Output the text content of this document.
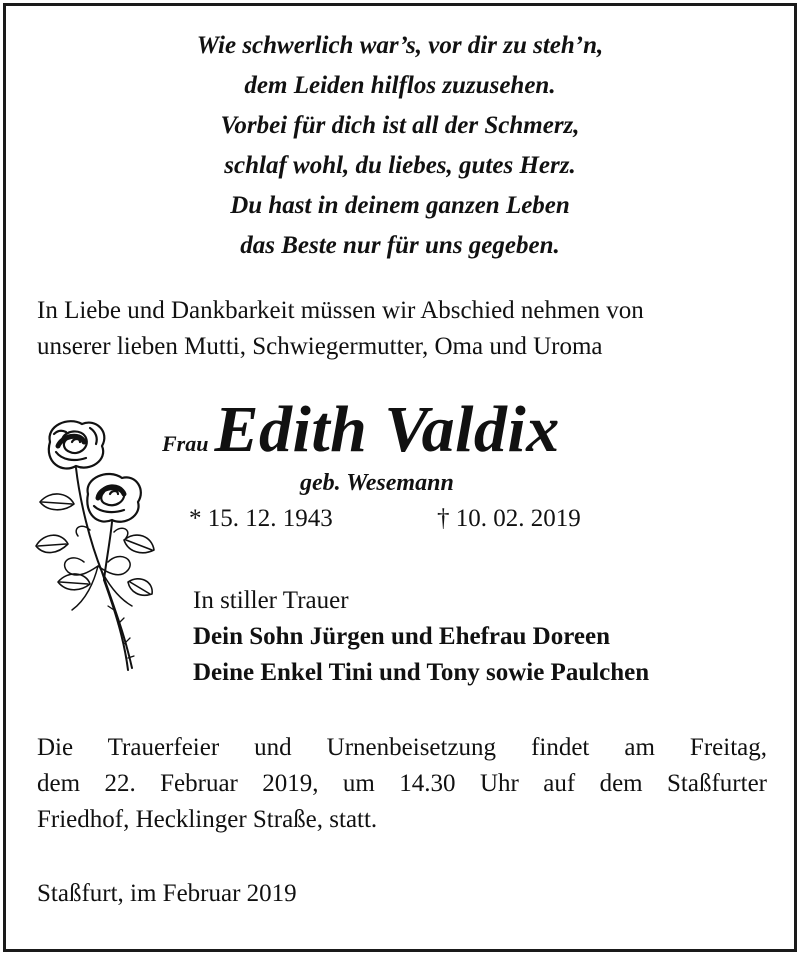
Wie schwerlich war’s, vor dir zu steh’n,
dem Leiden hilflos zuzusehen.
Vorbei für dich ist all der Schmerz,
schlaf wohl, du liebes, gutes Herz.
Du hast in deinem ganzen Leben
das Beste nur für uns gegeben.
In Liebe und Dankbarkeit müssen wir Abschied nehmen von
unserer lieben Mutti, Schwiegermutter, Oma und Uroma
FrauEdith Valdix
geb. Wesemann
* 15. 12. 1943	† 10. 02. 2019
In stiller Trauer
Dein Sohn Jürgen und Ehefrau Doreen
Deine Enkel Tini und Tony sowie Paulchen
Die Trauerfeier und Urnenbeisetzung findet am Freitag,
dem 22. Februar 2019, um 14.30 Uhr auf dem Staßfurter
Friedhof, Hecklinger Straße, statt.
Staßfurt, im Februar 2019
